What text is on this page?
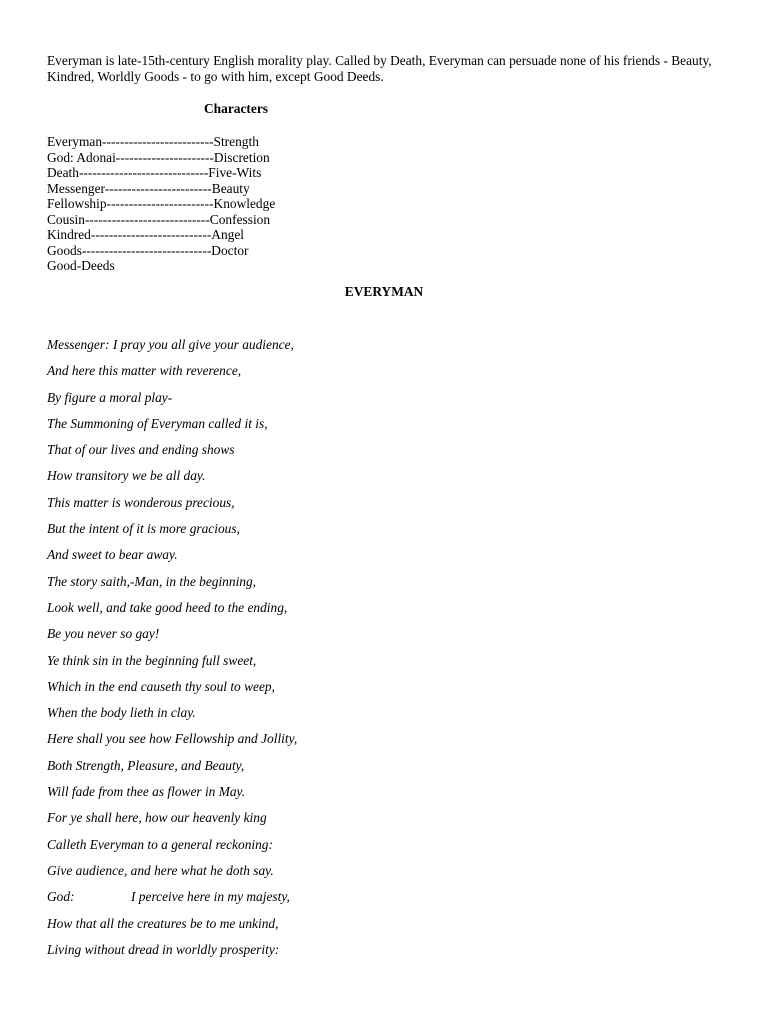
Everyman is late-15th-century English morality play. Called by Death, Everyman can persuade none of his friends - Beauty, Kindred, Worldly Goods - to go with him, except Good Deeds.

Characters
Everyman-------------------------Strength
God: Adonai----------------------Discretion
Death-----------------------------Five-Wits
Messenger------------------------Beauty
Fellowship------------------------Knowledge
Cousin----------------------------Confession
Kindred---------------------------Angel
Goods-----------------------------Doctor
Good-Deeds
EVERYMAN
Messenger: I pray you all give your audience,
And here this matter with reverence,
By figure a moral play-
The Summoning of Everyman called it is,
That of our lives and ending shows
How transitory we be all day.
This matter is wonderous precious,
But the intent of it is more gracious,
And sweet to bear away.
The story saith,-Man, in the beginning,
Look well, and take good heed to the ending,
Be you never so gay!
Ye think sin in the beginning full sweet,
Which in the end causeth thy soul to weep,
When the body lieth in clay.
Here shall you see how Fellowship and Jollity,
Both Strength, Pleasure, and Beauty,
Will fade from thee as flower in May.
For ye shall here, how our heavenly king
Calleth Everyman to a general reckoning:
Give audience, and here what he doth say.
God:	I perceive here in my majesty,
How that all the creatures be to me unkind,
Living without dread in worldly prosperity:
